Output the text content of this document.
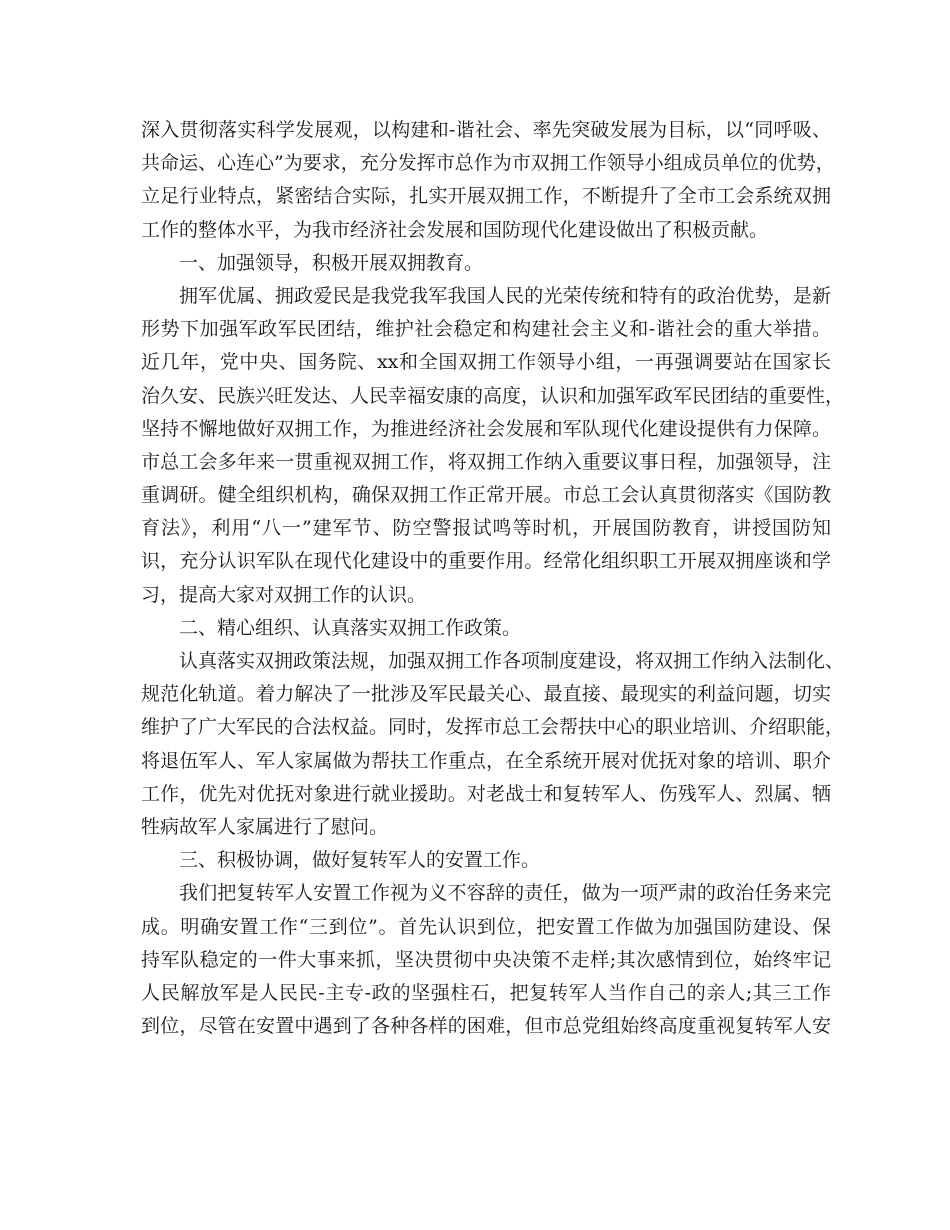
深入贯彻落实科学发展观，以构建和-谐社会、率先突破发展为目标，以“同呼吸、
共命运、心连心”为要求，充分发挥市总作为市双拥工作领导小组成员单位的优势，
立足行业特点，紧密结合实际，扎实开展双拥工作，不断提升了全市工会系统双拥
工作的整体水平，为我市经济社会发展和国防现代化建设做出了积极贡献。
一、加强领导，积极开展双拥教育。
拥军优属、拥政爱民是我党我军我国人民的光荣传统和特有的政治优势，是新
形势下加强军政军民团结，维护社会稳定和构建社会主义和-谐社会的重大举措。
近几年，党中央、国务院、xx和全国双拥工作领导小组，一再强调要站在国家长
治久安、民族兴旺发达、人民幸福安康的高度，认识和加强军政军民团结的重要性，
坚持不懈地做好双拥工作，为推进经济社会发展和军队现代化建设提供有力保障。
市总工会多年来一贯重视双拥工作，将双拥工作纳入重要议事日程，加强领导，注
重调研。健全组织机构，确保双拥工作正常开展。市总工会认真贯彻落实《国防教
育法》，利用“八一”建军节、防空警报试鸣等时机，开展国防教育，讲授国防知
识，充分认识军队在现代化建设中的重要作用。经常化组织职工开展双拥座谈和学
习，提高大家对双拥工作的认识。
二、精心组织、认真落实双拥工作政策。
认真落实双拥政策法规，加强双拥工作各项制度建设，将双拥工作纳入法制化、
规范化轨道。着力解决了一批涉及军民最关心、最直接、最现实的利益问题，切实
维护了广大军民的合法权益。同时，发挥市总工会帮扶中心的职业培训、介绍职能，
将退伍军人、军人家属做为帮扶工作重点，在全系统开展对优抚对象的培训、职介
工作，优先对优抚对象进行就业援助。对老战士和复转军人、伤残军人、烈属、牺
牲病故军人家属进行了慰问。
三、积极协调，做好复转军人的安置工作。
我们把复转军人安置工作视为义不容辞的责任，做为一项严肃的政治任务来完
成。明确安置工作“三到位”。首先认识到位，把安置工作做为加强国防建设、保
持军队稳定的一件大事来抓，坚决贯彻中央决策不走样;其次感情到位，始终牢记
人民解放军是人民民-主专-政的坚强柱石，把复转军人当作自己的亲人;其三工作
到位，尽管在安置中遇到了各种各样的困难，但市总党组始终高度重视复转军人安
